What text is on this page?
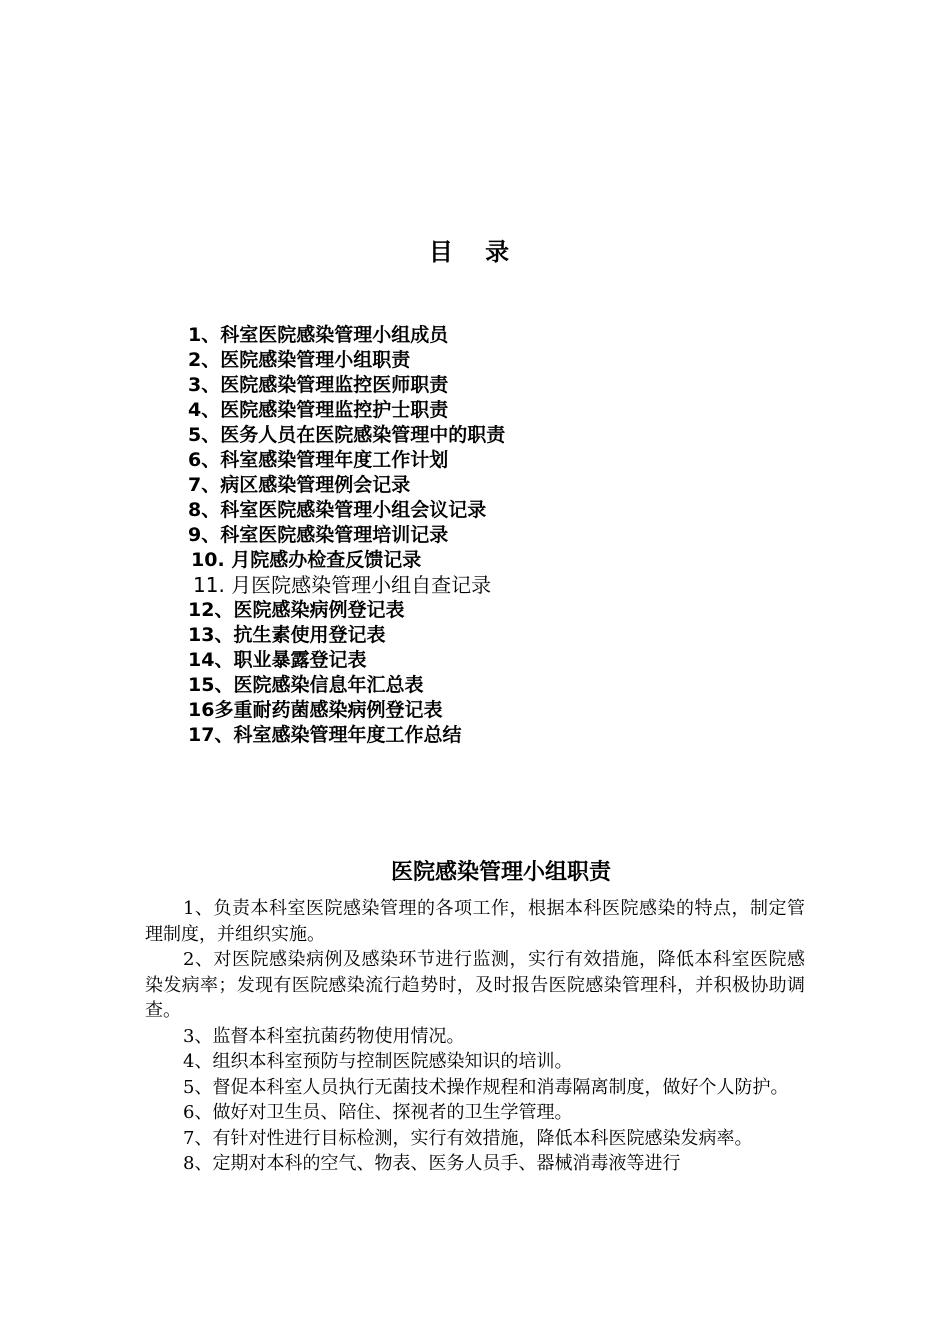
目 录
1、科室医院感染管理小组成员
2、医院感染管理小组职责
3、医院感染管理监控医师职责
4、医院感染管理监控护士职责
5、医务人员在医院感染管理中的职责
6、科室感染管理年度工作计划
7、病区感染管理例会记录
8、科室医院感染管理小组会议记录
9、科室医院感染管理培训记录
10. 月院感办检查反馈记录
11. 月医院感染管理小组自查记录
12、医院感染病例登记表
13、抗生素使用登记表
14、职业暴露登记表
15、医院感染信息年汇总表
16多重耐药菌感染病例登记表
17、科室感染管理年度工作总结
医院感染管理小组职责

1、负责本科室医院感染管理的各项工作，根据本科医院感染的特点，制定管理制度，并组织实施。

2、对医院感染病例及感染环节进行监测，实行有效措施，降低本科室医院感染发病率；发现有医院感染流行趋势时，及时报告医院感染管理科，并积极协助调查。

3、监督本科室抗菌药物使用情况。

4、组织本科室预防与控制医院感染知识的培训。

5、督促本科室人员执行无菌技术操作规程和消毒隔离制度，做好个人防护。

6、做好对卫生员、陪住、探视者的卫生学管理。

7、有针对性进行目标检测，实行有效措施，降低本科医院感染发病率。

8、定期对本科的空气、物表、医务人员手、器械消毒液等进行
